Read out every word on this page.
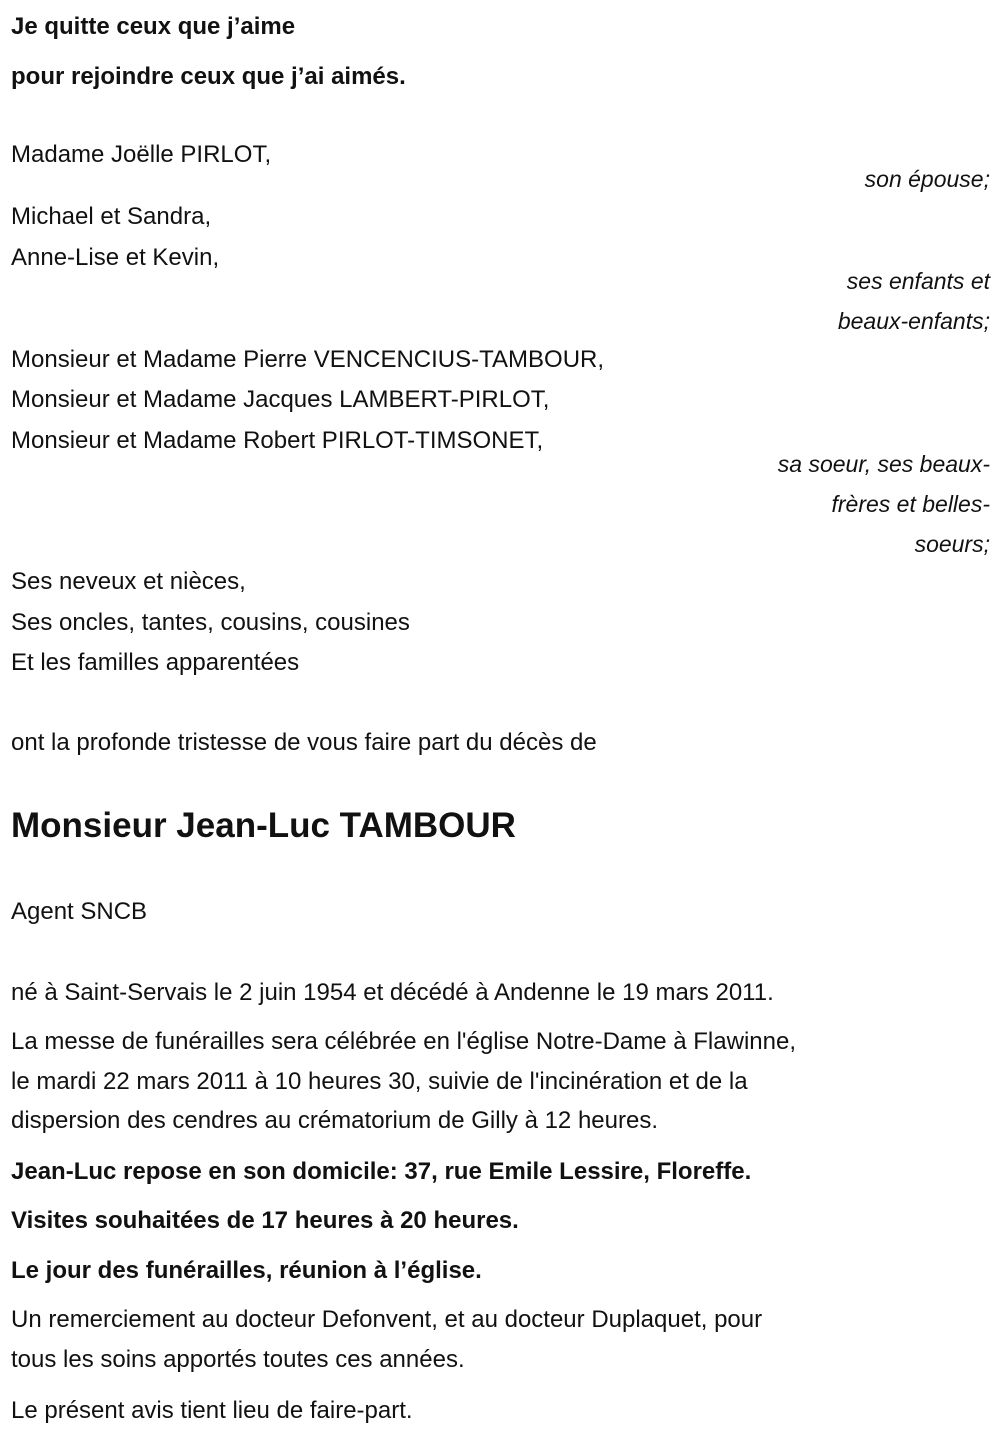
Je quitte ceux que j’aime
pour rejoindre ceux que j’ai aimés.
Madame Joëlle PIRLOT,
son épouse;
Michael et Sandra,
Anne-Lise et Kevin,
ses enfants et
beaux-enfants;
Monsieur et Madame Pierre VENCENCIUS-TAMBOUR,
Monsieur et Madame Jacques LAMBERT-PIRLOT,
Monsieur et Madame Robert PIRLOT-TIMSONET,
sa soeur, ses beaux-
frères et belles-
soeurs;
Ses neveux et nièces,
Ses oncles, tantes, cousins, cousines
Et les familles apparentées
ont la profonde tristesse de vous faire part du décès de
Monsieur Jean-Luc TAMBOUR
Agent SNCB
né à Saint-Servais le 2 juin 1954 et décédé à Andenne le 19 mars 2011.
La messe de funérailles sera célébrée en l'église Notre-Dame à Flawinne,
le mardi 22 mars 2011 à 10 heures 30, suivie de l'incinération et de la
dispersion des cendres au crématorium de Gilly à 12 heures.
Jean-Luc repose en son domicile: 37, rue Emile Lessire, Floreffe.
Visites souhaitées de 17 heures à 20 heures.
Le jour des funérailles, réunion à l’église.
Un remerciement au docteur Defonvent, et au docteur Duplaquet, pour
tous les soins apportés toutes ces années.
Le présent avis tient lieu de faire-part.
